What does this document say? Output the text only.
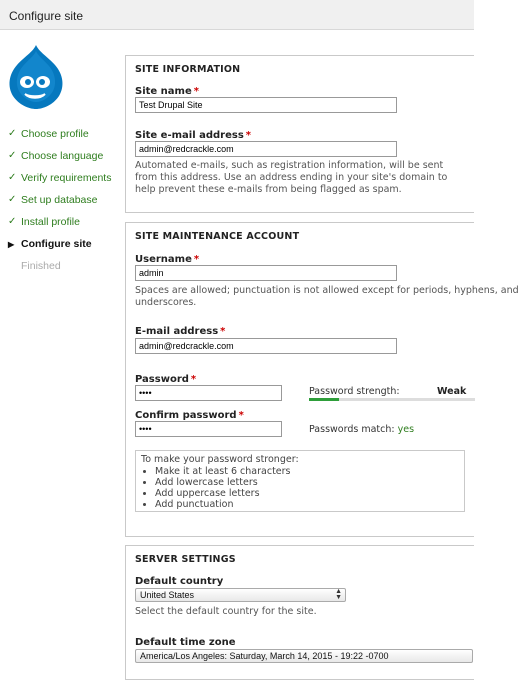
Configure site
✓ Choose profile
✓ Choose language
✓ Verify requirements
✓ Set up database
✓ Install profile
▶ Configure site
Finished
SITE INFORMATION
Site name *
Test Drupal Site
Site e-mail address *
admin@redcrackle.com
Automated e-mails, such as registration information, will be sent
from this address. Use an address ending in your site's domain to
help prevent these e-mails from being flagged as spam.
SITE MAINTENANCE ACCOUNT
Username *
admin
Spaces are allowed; punctuation is not allowed except for periods, hyphens, and
underscores.
E-mail address *
admin@redcrackle.com
Password *
••••	Password strength:	Weak
Confirm password *
••••	Passwords match: yes
To make your password stronger:
• Make it at least 6 characters
• Add lowercase letters
• Add uppercase letters
• Add punctuation
SERVER SETTINGS
Default country
United States	▲
▼
Select the default country for the site.
Default time zone
America/Los Angeles: Saturday, March 14, 2015 - 19:22 -0700
